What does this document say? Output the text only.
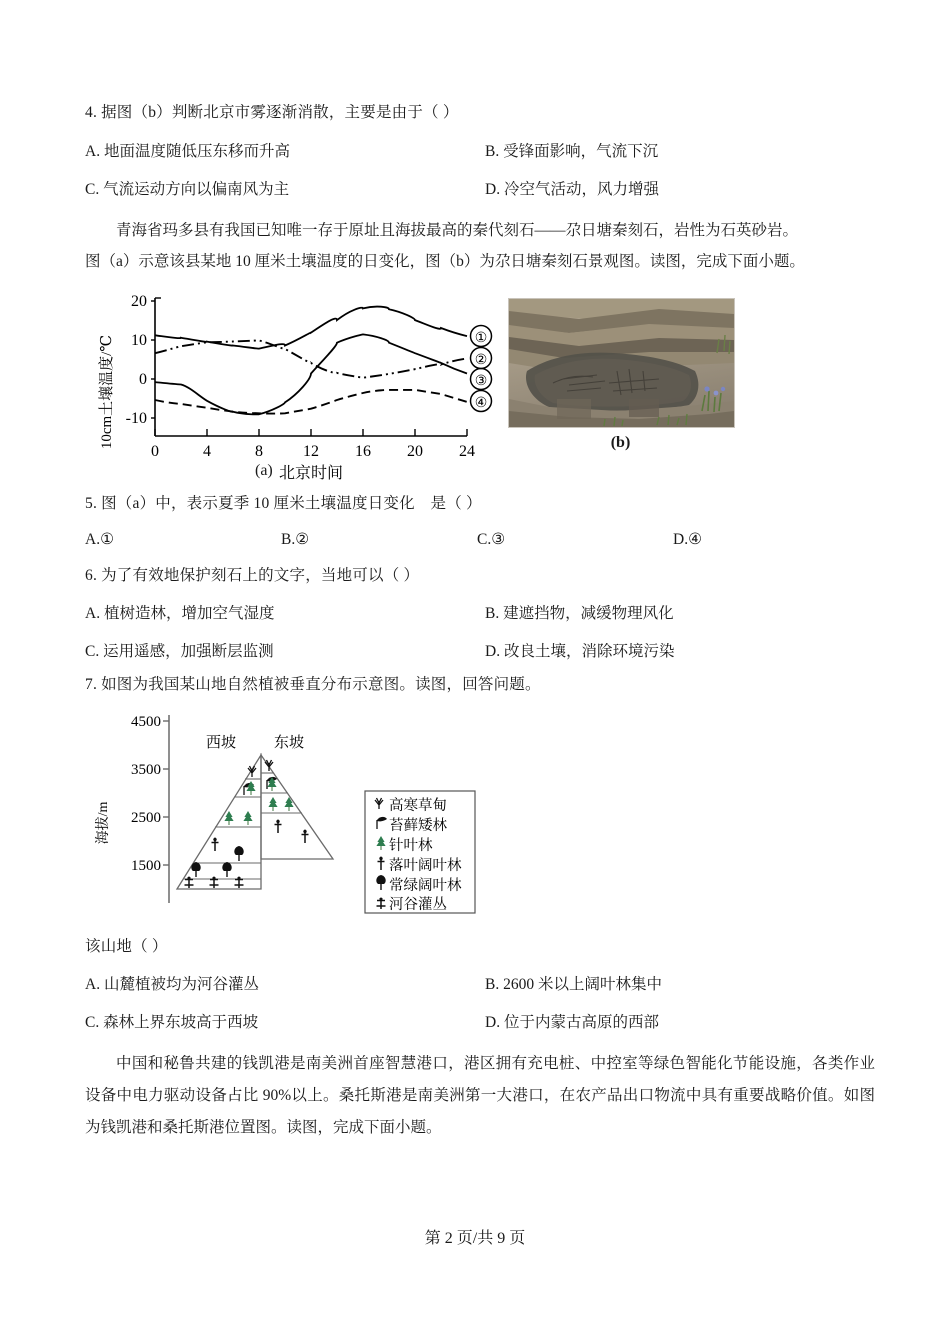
4. 据图（b）判断北京市雾逐渐消散，主要是由于（ ）

A. 地面温度随低压东移而升高	B. 受锋面影响，气流下沉
C. 气流运动方向以偏南风为主	D. 冷空气活动，风力增强

青海省玛多县有我国已知唯一存于原址且海拔最高的秦代刻石——尕日塘秦刻石，岩性为石英砂岩。

图（a）示意该县某地 10 厘米土壤温度的日变化，图（b）为尕日塘秦刻石景观图。读图，完成下面小题。

10cm土壤温度/℃
20
10
0
-10
0	4	8	12 16 20 24
北京时间
①
②
③
④
(a)
(b)

5. 图（a）中，表示夏季 10 厘米土壤温度日变化　是（ ）

A.①	B.②	C.③	D.④

6. 为了有效地保护刻石上的文字，当地可以（ ）

A. 植树造林，增加空气湿度	B. 建遮挡物，减缓物理风化
C. 运用遥感，加强断层监测	D. 改良土壤，消除环境污染

7. 如图为我国某山地自然植被垂直分布示意图。读图，回答问题。

海拔/m
4500
3500
2500
1500
西坡	东坡
高寒草甸
苔藓矮林
针叶林
落叶阔叶林
常绿阔叶林
河谷灌丛

该山地（ ）

A. 山麓植被均为河谷灌丛	B. 2600 米以上阔叶林集中
C. 森林上界东坡高于西坡	D. 位于内蒙古高原的西部

中国和秘鲁共建的钱凯港是南美洲首座智慧港口，港区拥有充电桩、中控室等绿色智能化节能设施，各类作业设备中电力驱动设备占比 90%以上。桑托斯港是南美洲第一大港口，在农产品出口物流中具有重要战略价值。如图为钱凯港和桑托斯港位置图。读图，完成下面小题。

第 2 页/共 9 页
